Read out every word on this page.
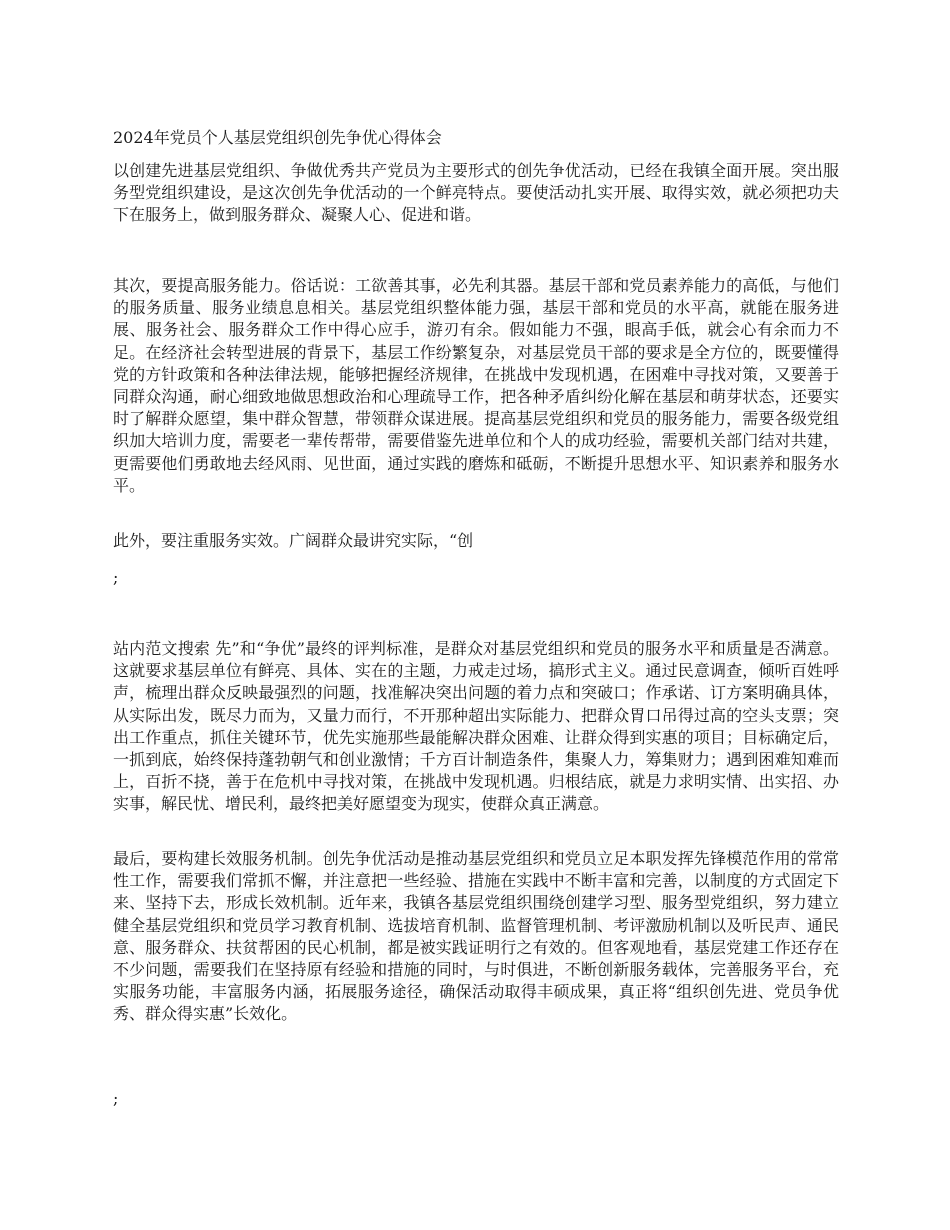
2024年党员个人基层党组织创先争优心得体会

以创建先进基层党组织、争做优秀共产党员为主要形式的创先争优活动，已经在我镇全面开展。突出服务型党组织建设，是这次创先争优活动的一个鲜亮特点。要使活动扎实开展、取得实效，就必须把功夫下在服务上，做到服务群众、凝聚人心、促进和谐。

其次，要提高服务能力。俗话说：工欲善其事，必先利其器。基层干部和党员素养能力的高低，与他们的服务质量、服务业绩息息相关。基层党组织整体能力强，基层干部和党员的水平高，就能在服务进展、服务社会、服务群众工作中得心应手，游刃有余。假如能力不强，眼高手低，就会心有余而力不足。在经济社会转型进展的背景下，基层工作纷繁复杂，对基层党员干部的要求是全方位的，既要懂得党的方针政策和各种法律法规，能够把握经济规律，在挑战中发现机遇，在困难中寻找对策，又要善于同群众沟通，耐心细致地做思想政治和心理疏导工作，把各种矛盾纠纷化解在基层和萌芽状态，还要实时了解群众愿望，集中群众智慧，带领群众谋进展。提高基层党组织和党员的服务能力，需要各级党组织加大培训力度，需要老一辈传帮带，需要借鉴先进单位和个人的成功经验，需要机关部门结对共建，更需要他们勇敢地去经风雨、见世面，通过实践的磨炼和砥砺，不断提升思想水平、知识素养和服务水平。

此外，要注重服务实效。广阔群众最讲究实际，“创

;

站内范文搜索 先”和“争优”最终的评判标准，是群众对基层党组织和党员的服务水平和质量是否满意。这就要求基层单位有鲜亮、具体、实在的主题，力戒走过场，搞形式主义。通过民意调查，倾听百姓呼声，梳理出群众反映最强烈的问题，找准解决突出问题的着力点和突破口；作承诺、订方案明确具体，从实际出发，既尽力而为，又量力而行，不开那种超出实际能力、把群众胃口吊得过高的空头支票；突出工作重点，抓住关键环节，优先实施那些最能解决群众困难、让群众得到实惠的项目；目标确定后，一抓到底，始终保持蓬勃朝气和创业激情；千方百计制造条件，集聚人力，筹集财力；遇到困难知难而上，百折不挠，善于在危机中寻找对策，在挑战中发现机遇。归根结底，就是力求明实情、出实招、办实事，解民忧、增民利，最终把美好愿望变为现实，使群众真正满意。

最后，要构建长效服务机制。创先争优活动是推动基层党组织和党员立足本职发挥先锋模范作用的常常性工作，需要我们常抓不懈，并注意把一些经验、措施在实践中不断丰富和完善，以制度的方式固定下来、坚持下去，形成长效机制。近年来，我镇各基层党组织围绕创建学习型、服务型党组织，努力建立健全基层党组织和党员学习教育机制、选拔培育机制、监督管理机制、考评激励机制以及听民声、通民意、服务群众、扶贫帮困的民心机制，都是被实践证明行之有效的。但客观地看，基层党建工作还存在不少问题，需要我们在坚持原有经验和措施的同时，与时俱进，不断创新服务载体，完善服务平台，充实服务功能，丰富服务内涵，拓展服务途径，确保活动取得丰硕成果，真正将“组织创先进、党员争优秀、群众得实惠”长效化。

;
